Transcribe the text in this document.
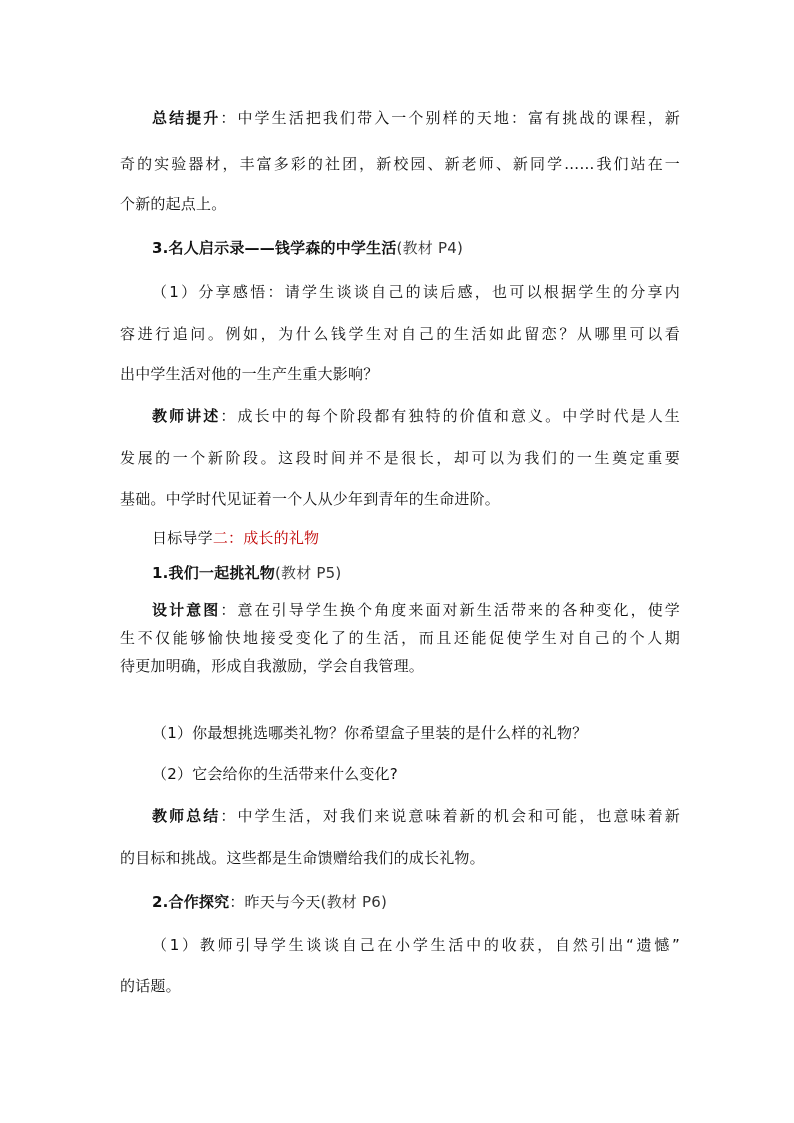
总结提升：中学生活把我们带入一个别样的天地：富有挑战的课程，新
奇的实验器材，丰富多彩的社团，新校园、新老师、新同学……我们站在一
个新的起点上。
3.名人启示录——钱学森的中学生活(教材 P4)
（1）分享感悟：请学生谈谈自己的读后感，也可以根据学生的分享内
容进行追问。例如，为什么钱学生对自己的生活如此留恋？从哪里可以看
出中学生活对他的一生产生重大影响？
教师讲述：成长中的每个阶段都有独特的价值和意义。中学时代是人生
发展的一个新阶段。这段时间并不是很长，却可以为我们的一生奠定重要
基础。中学时代见证着一个人从少年到青年的生命进阶。
日标导学二：成长的礼物
1.我们一起挑礼物(教材 P5)
设计意图：意在引导学生换个角度来面对新生活带来的各种变化，使学
生不仅能够愉快地接受变化了的生活，而且还能促使学生对自己的个人期
待更加明确，形成自我激励，学会自我管理。
（1）你最想挑选哪类礼物？你希望盒子里装的是什么样的礼物？
（2）它会给你的生活带来什么变化?
教师总结：中学生活，对我们来说意味着新的机会和可能，也意味着新
的目标和挑战。这些都是生命馈赠给我们的成长礼物。
2.合作探究：昨天与今天(教材 P6)
（1）教师引导学生谈谈自己在小学生活中的收获，自然引出“遗憾”
的话题。
